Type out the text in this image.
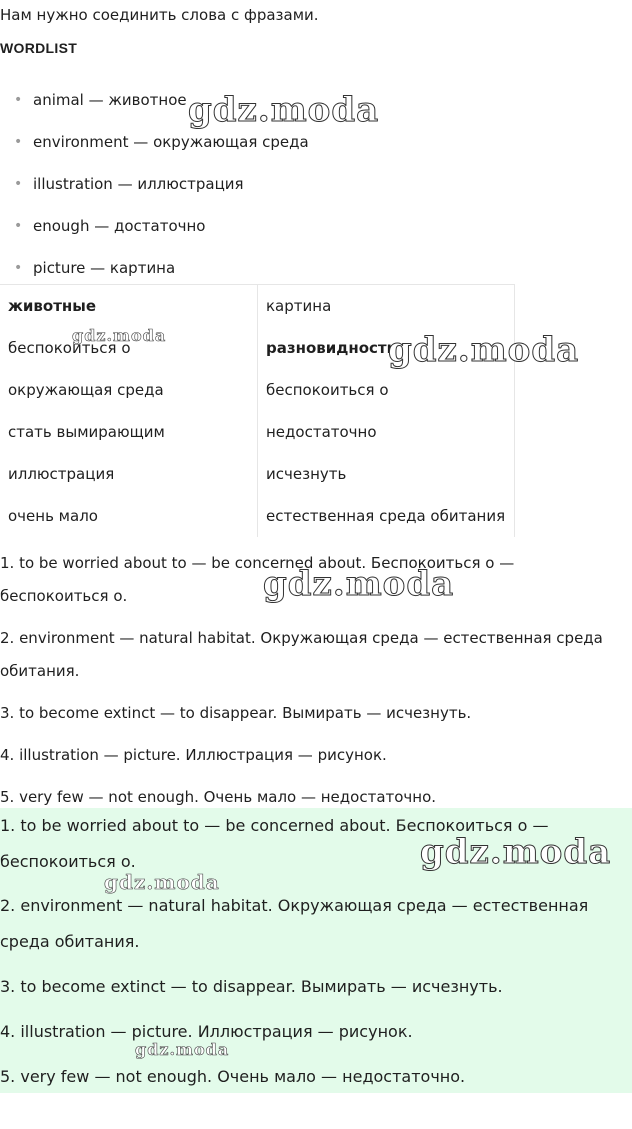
Нам нужно соединить слова с фразами.
WORDLIST
• animal — животное
• environment — окружающая среда
• illustration — иллюстрация
• enough — достаточно
• picture — картина
животные	картина
беспокоиться о	разновидность
окружающая среда	беспокоиться о
стать вымирающим	недостаточно
иллюстрация	исчезнуть
очень мало	естественная среда обитания

1. to be worried about to — be concerned about. Беспокоиться о — беспокоиться о.

2. environment — natural habitat. Окружающая среда — естественная среда обитания.

3. to become extinct — to disappear. Вымирать — исчезнуть.

4. illustration — picture. Иллюстрация — рисунок.

5. very few — not enough. Очень мало — недостаточно.

1. to be worried about to — be concerned about. Беспокоиться о — беспокоиться о.

2. environment — natural habitat. Окружающая среда — естественная среда обитания.

3. to become extinct — to disappear. Вымирать — исчезнуть.

4. illustration — picture. Иллюстрация — рисунок.

5. very few — not enough. Очень мало — недостаточно.

gdz.moda
gdz.moda	gdz.moda
gdz.moda
gdz.moda
gdz.moda
gdz.moda
